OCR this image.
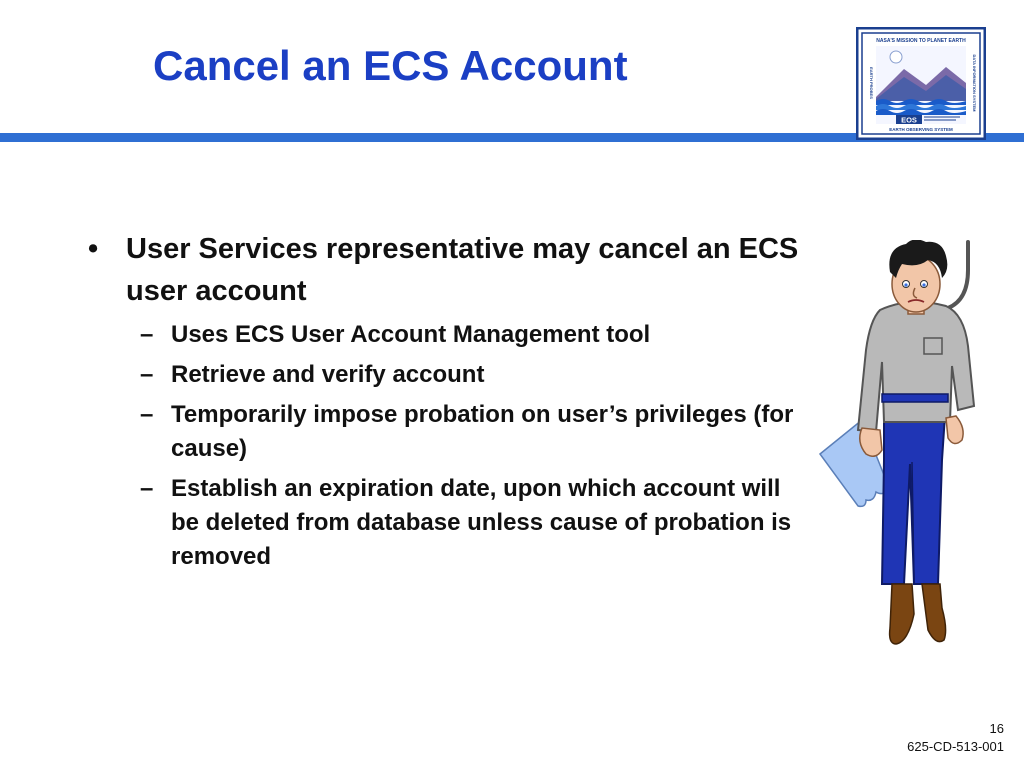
Cancel an ECS Account
NASA'S MISSION TO PLANET EARTH
EARTH PROBES	DATA INFORMATION SYSTEM
EOS
EARTH OBSERVING SYSTEM
• User Services representative may cancel an ECS user account
– Uses ECS User Account Management tool
– Retrieve and verify account
– Temporarily impose probation on user’s privileges (for cause)
– Establish an expiration date, upon which account will be deleted from database unless cause of probation is removed
16
625-CD-513-001
